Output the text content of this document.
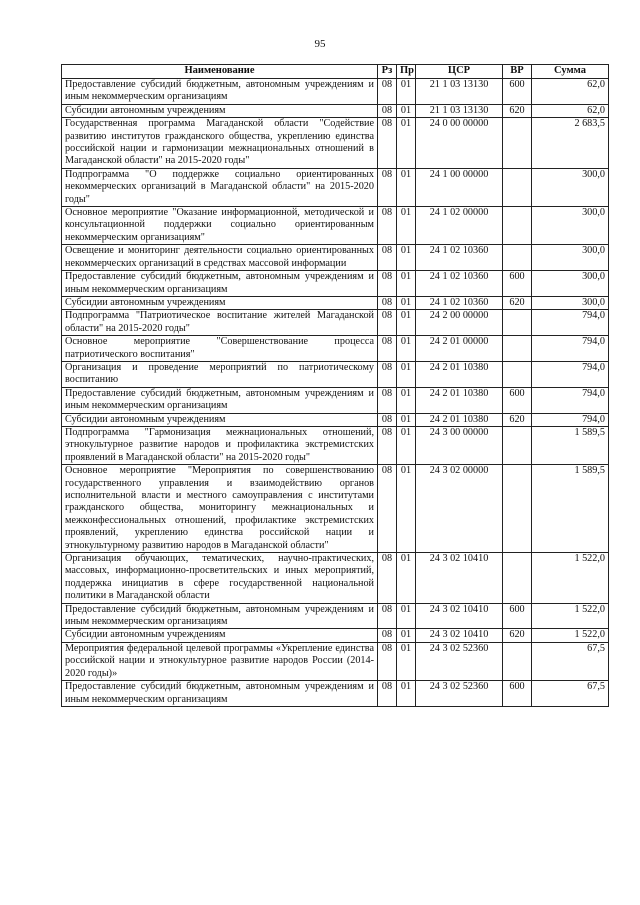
95
Наименование	Рз	Пр	ЦСР	ВР	Сумма
Предоставление субсидий бюджетным, автономным учреждениям и иным некоммерческим организациям	08	01	21 1 03 13130	600	62,0
Субсидии автономным учреждениям	08	01	21 1 03 13130	620	62,0
Государственная программа Магаданской области "Содействие развитию институтов гражданского общества, укреплению единства российской нации и гармонизации межнациональных отношений в Магаданской области" на 2015-2020 годы"	08	01	24 0 00 00000		2 683,5
Подпрограмма "О поддержке социально ориентированных некоммерческих организаций в Магаданской области" на 2015-2020 годы"	08	01	24 1 00 00000		300,0
Основное мероприятие "Оказание информационной, методической и консультационной поддержки социально ориентированным некоммерческим организациям"	08	01	24 1 02 00000		300,0
Освещение и мониторинг деятельности социально ориентированных некоммерческих организаций в средствах массовой информации	08	01	24 1 02 10360		300,0
Предоставление субсидий бюджетным, автономным учреждениям и иным некоммерческим организациям	08	01	24 1 02 10360	600	300,0
Субсидии автономным учреждениям	08	01	24 1 02 10360	620	300,0
Подпрограмма "Патриотическое воспитание жителей Магаданской области" на 2015-2020 годы"	08	01	24 2 00 00000		794,0
Основное мероприятие "Совершенствование процесса патриотического воспитания"	08	01	24 2 01 00000		794,0
Организация и проведение мероприятий по патриотическому воспитанию	08	01	24 2 01 10380		794,0
Предоставление субсидий бюджетным, автономным учреждениям и иным некоммерческим организациям	08	01	24 2 01 10380	600	794,0
Субсидии автономным учреждениям	08	01	24 2 01 10380	620	794,0
Подпрограмма "Гармонизация межнациональных отношений, этнокультурное развитие народов и профилактика экстремистских проявлений в Магаданской области" на 2015-2020 годы"	08	01	24 3 00 00000		1 589,5
Основное мероприятие "Мероприятия по совершенствованию государственного управления и взаимодействию органов исполнительной власти и местного самоуправления с институтами гражданского общества, мониторингу межнациональных и межконфессиональных отношений, профилактике экстремистских проявлений, укреплению единства российской нации и этнокультурному развитию народов в Магаданской области"	08	01	24 3 02 00000		1 589,5
Организация обучающих, тематических, научно-практических, массовых, информационно-просветительских и иных мероприятий, поддержка инициатив в сфере государственной национальной политики в Магаданской области	08	01	24 3 02 10410		1 522,0
Предоставление субсидий бюджетным, автономным учреждениям и иным некоммерческим организациям	08	01	24 3 02 10410	600	1 522,0
Субсидии автономным учреждениям	08	01	24 3 02 10410	620	1 522,0
Мероприятия федеральной целевой программы «Укрепление единства российской нации и этнокультурное развитие народов России (2014-2020 годы)»	08	01	24 3 02 52360		67,5
Предоставление субсидий бюджетным, автономным учреждениям и иным некоммерческим организациям	08	01	24 3 02 52360	600	67,5
